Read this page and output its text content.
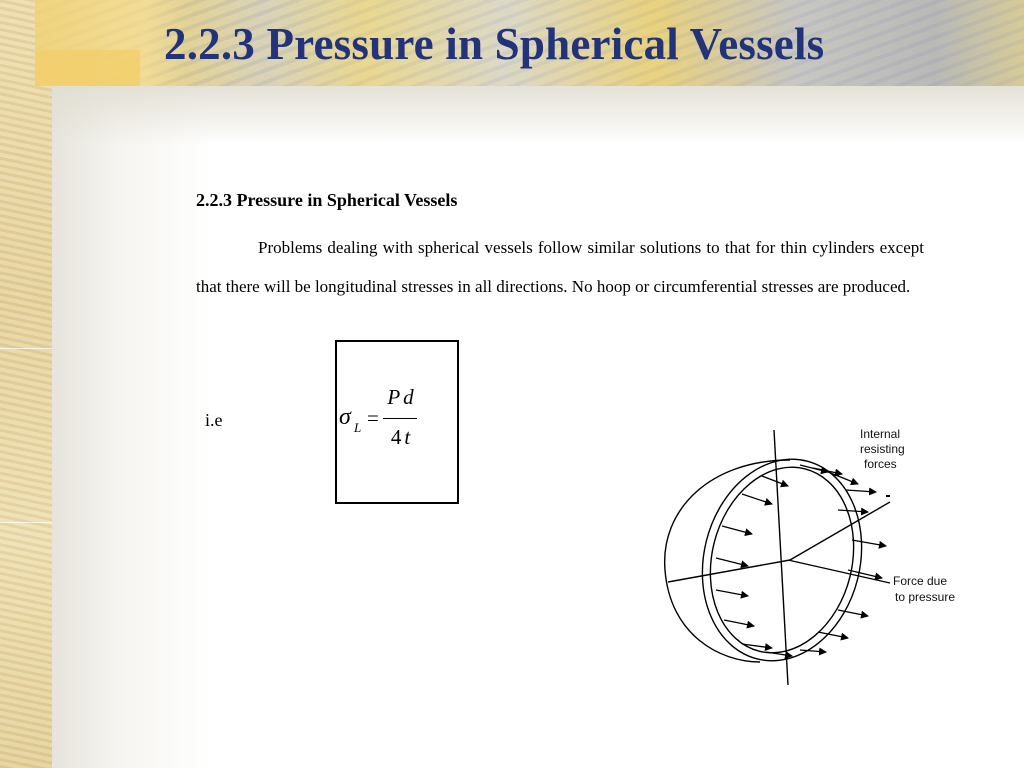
2.2.3 Pressure in Spherical Vessels
2.2.3 Pressure in Spherical Vessels

Problems dealing with spherical vessels follow similar solutions to that for thin cylinders except that there will be longitudinal stresses in all directions. No hoop or circumferential stresses are produced.

i.e	σ L =
Pd
4t	Internal
resisting
forces
Force due
to pressure
